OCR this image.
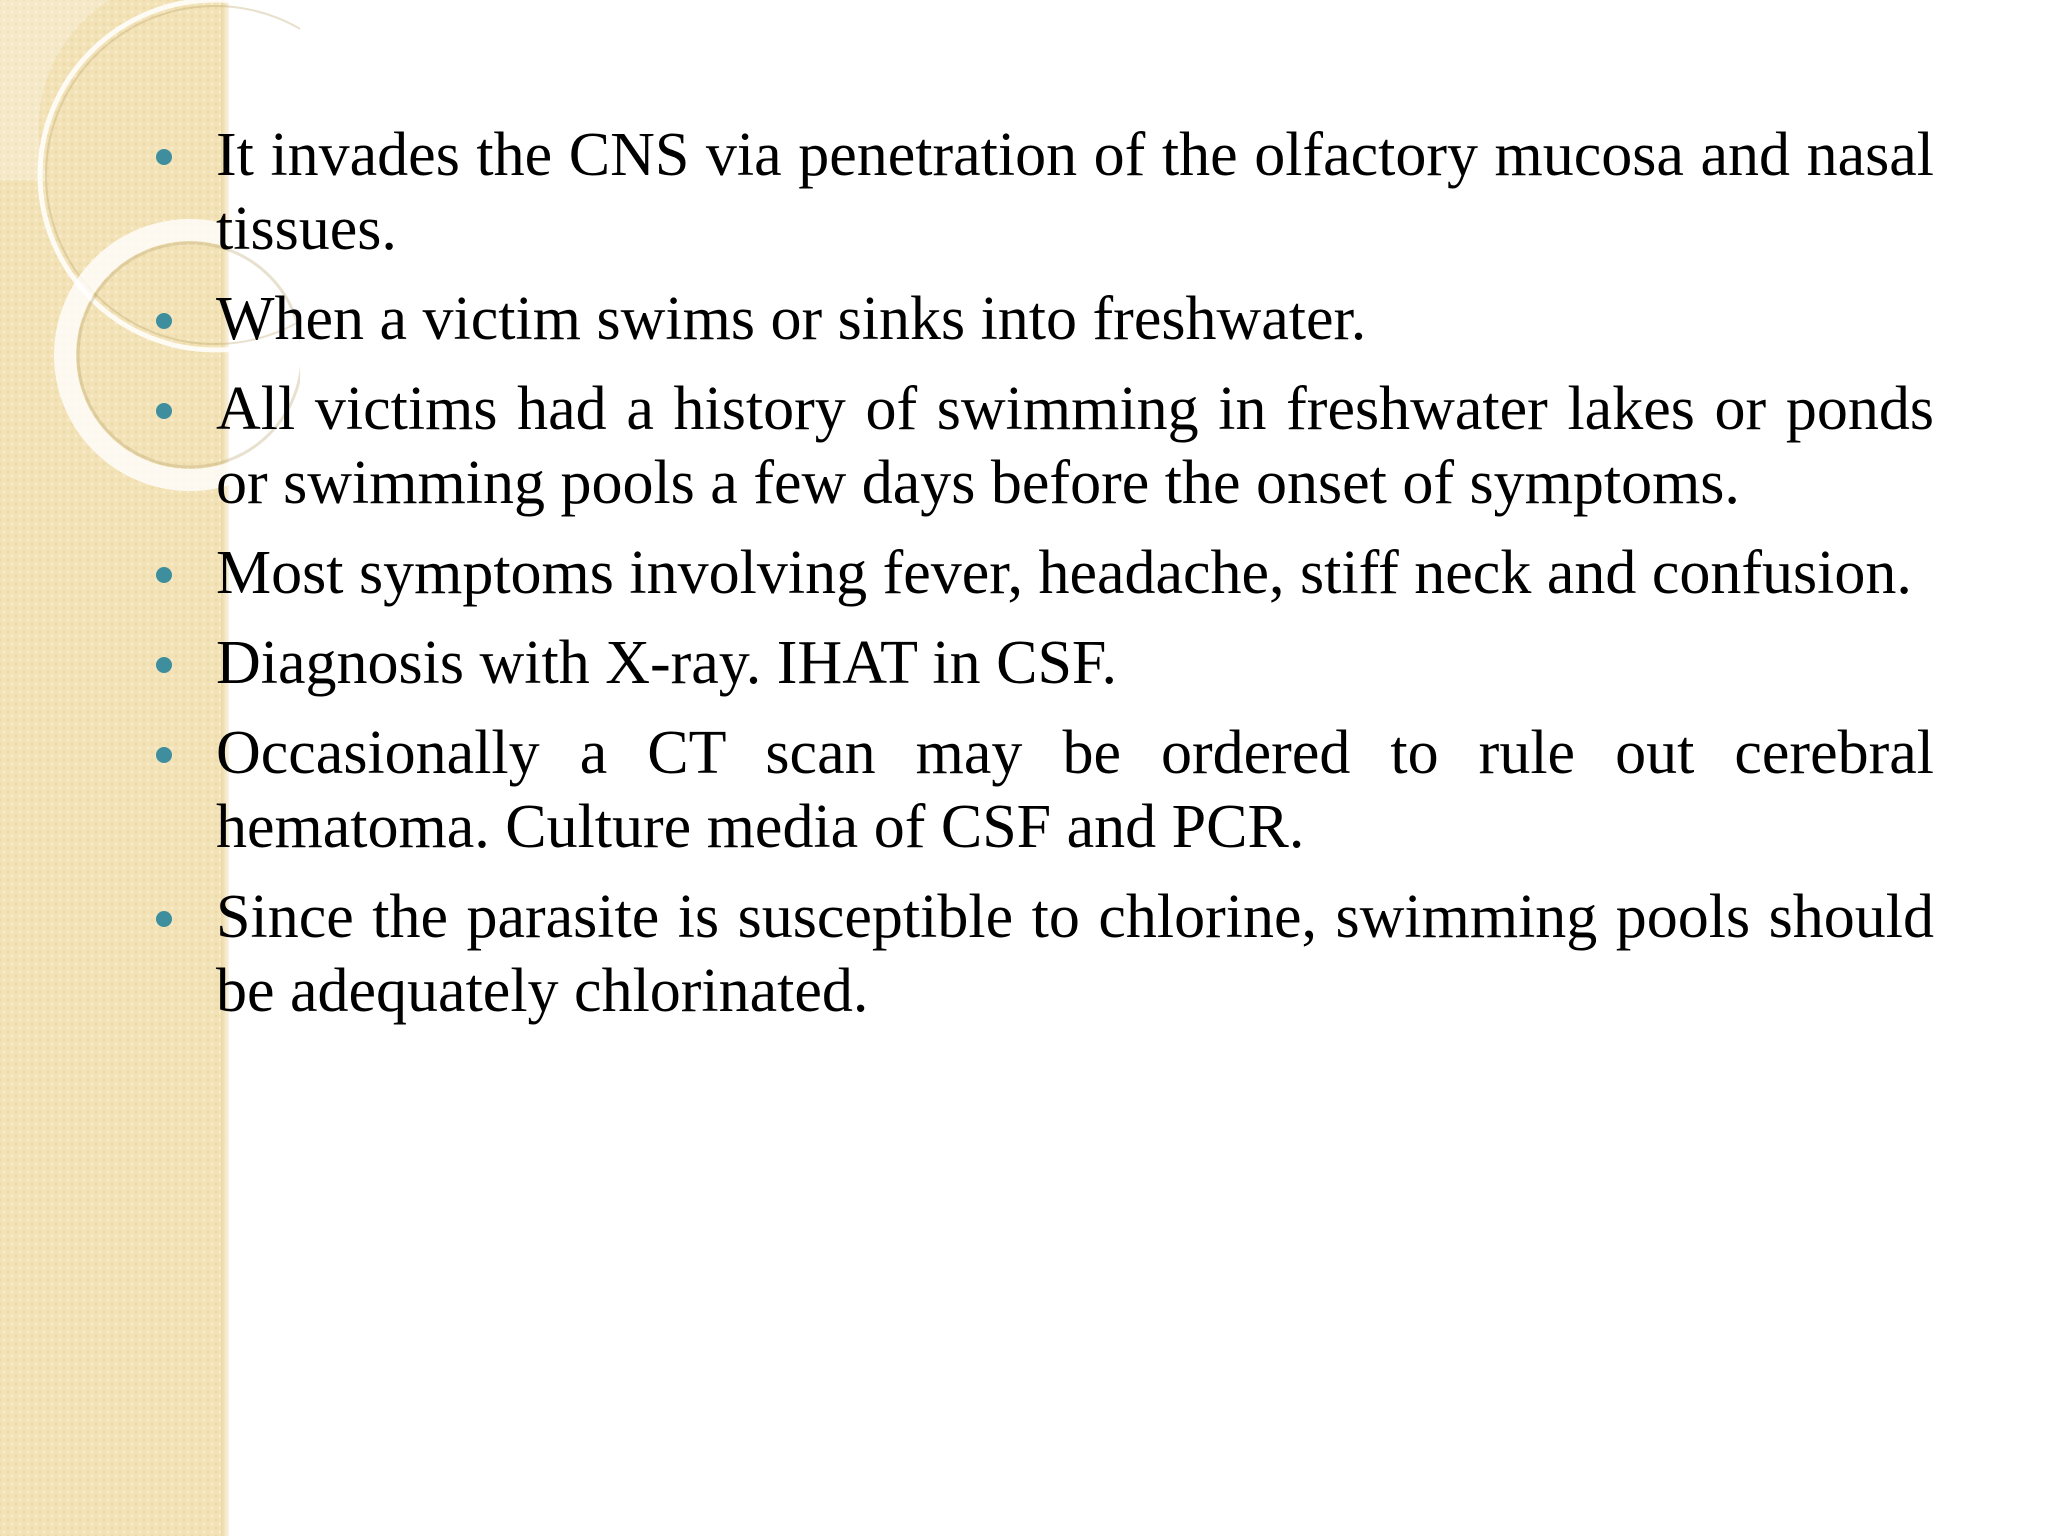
It invades the CNS via penetration of the olfactory mucosa and nasal tissues.
When a victim swims or sinks into freshwater.
All victims had a history of swimming in freshwater lakes or ponds or swimming pools a few days before the onset of symptoms.
Most symptoms involving fever, headache, stiff neck and confusion.
Diagnosis with X-ray. IHAT in CSF.
Occasionally a CT scan may be ordered to rule out cerebral hematoma. Culture media of CSF and PCR.
Since the parasite is susceptible to chlorine, swimming pools should be adequately chlorinated.
